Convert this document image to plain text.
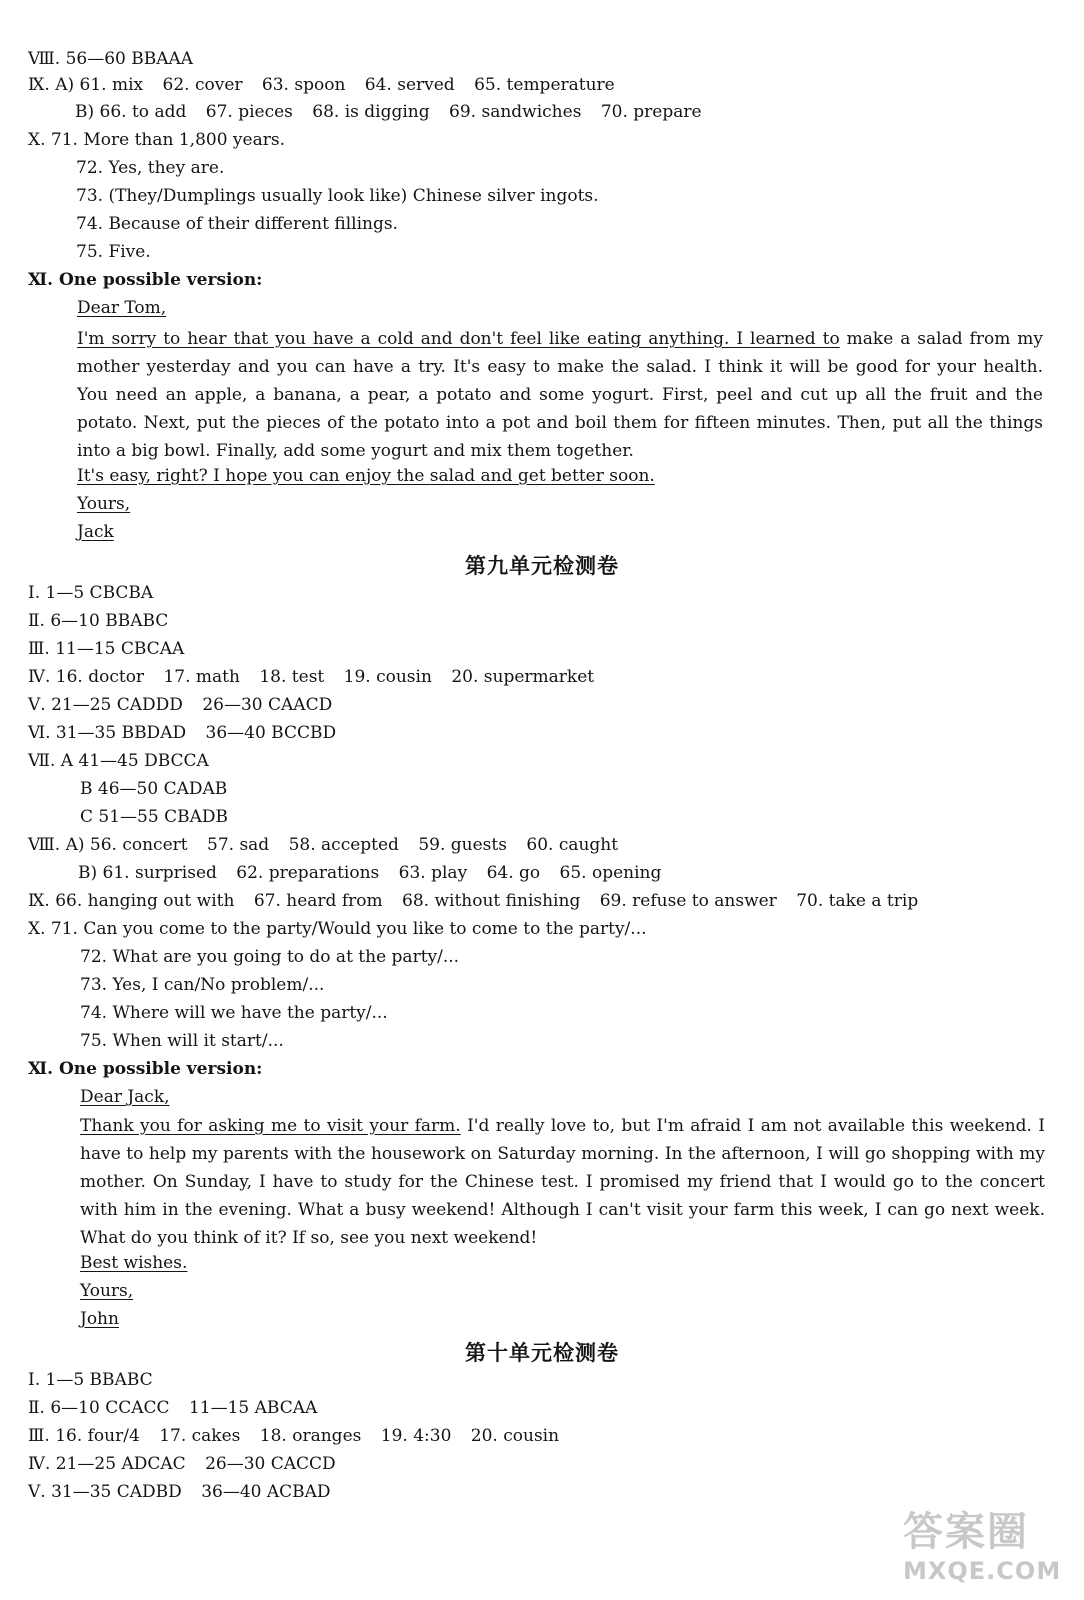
Ⅷ. 56—60 BBAAA
Ⅸ. A) 61. mix 62. cover 63. spoon 64. served 65. temperature
B) 66. to add 67. pieces 68. is digging 69. sandwiches 70. prepare
Ⅹ. 71. More than 1,800 years.
72. Yes, they are.
73. (They/Dumplings usually look like) Chinese silver ingots.
74. Because of their different fillings.
75. Five.
Ⅺ. One possible version:
Dear Tom,
I'm sorry to hear that you have a cold and don't feel like eating anything. I learned to make a salad from my mother yesterday and you can have a try. It's easy to make the salad. I think it will be good for your health.
You need an apple, a banana, a pear, a potato and some yogurt. First, peel and cut up all the fruit and the potato. Next, put the pieces of the potato into a pot and boil them for fifteen minutes. Then, put all the things into a big bowl. Finally, add some yogurt and mix them together.
It's easy, right? I hope you can enjoy the salad and get better soon.
Yours,
Jack
第九单元检测卷
Ⅰ. 1—5 CBCBA
Ⅱ. 6—10 BBABC
Ⅲ. 11—15 CBCAA
Ⅳ. 16. doctor 17. math 18. test 19. cousin 20. supermarket
Ⅴ. 21—25 CADDD 26—30 CAACD
Ⅵ. 31—35 BBDAD 36—40 BCCBD
Ⅶ. A 41—45 DBCCA
B 46—50 CADAB
C 51—55 CBADB
Ⅷ. A) 56. concert 57. sad 58. accepted 59. guests 60. caught
B) 61. surprised 62. preparations 63. play 64. go 65. opening
Ⅸ. 66. hanging out with 67. heard from 68. without finishing 69. refuse to answer 70. take a trip
Ⅹ. 71. Can you come to the party/Would you like to come to the party/...
72. What are you going to do at the party/...
73. Yes, I can/No problem/...
74. Where will we have the party/...
75. When will it start/...
Ⅺ. One possible version:
Dear Jack,
Thank you for asking me to visit your farm. I'd really love to, but I'm afraid I am not available this weekend. I have to help my parents with the housework on Saturday morning. In the afternoon, I will go shopping with my mother. On Sunday, I have to study for the Chinese test. I promised my friend that I would go to the concert with him in the evening. What a busy weekend! Although I can't visit your farm this week, I can go next week. What do you think of it? If so, see you next weekend!
Best wishes.
Yours,
John
第十单元检测卷
Ⅰ. 1—5 BBABC
Ⅱ. 6—10 CCACC 11—15 ABCAA
Ⅲ. 16. four/4 17. cakes 18. oranges 19. 4:30 20. cousin
Ⅳ. 21—25 ADCAC 26—30 CACCD
Ⅴ. 31—35 CADBD 36—40 ACBAD
答案圈
MXQE.COM
